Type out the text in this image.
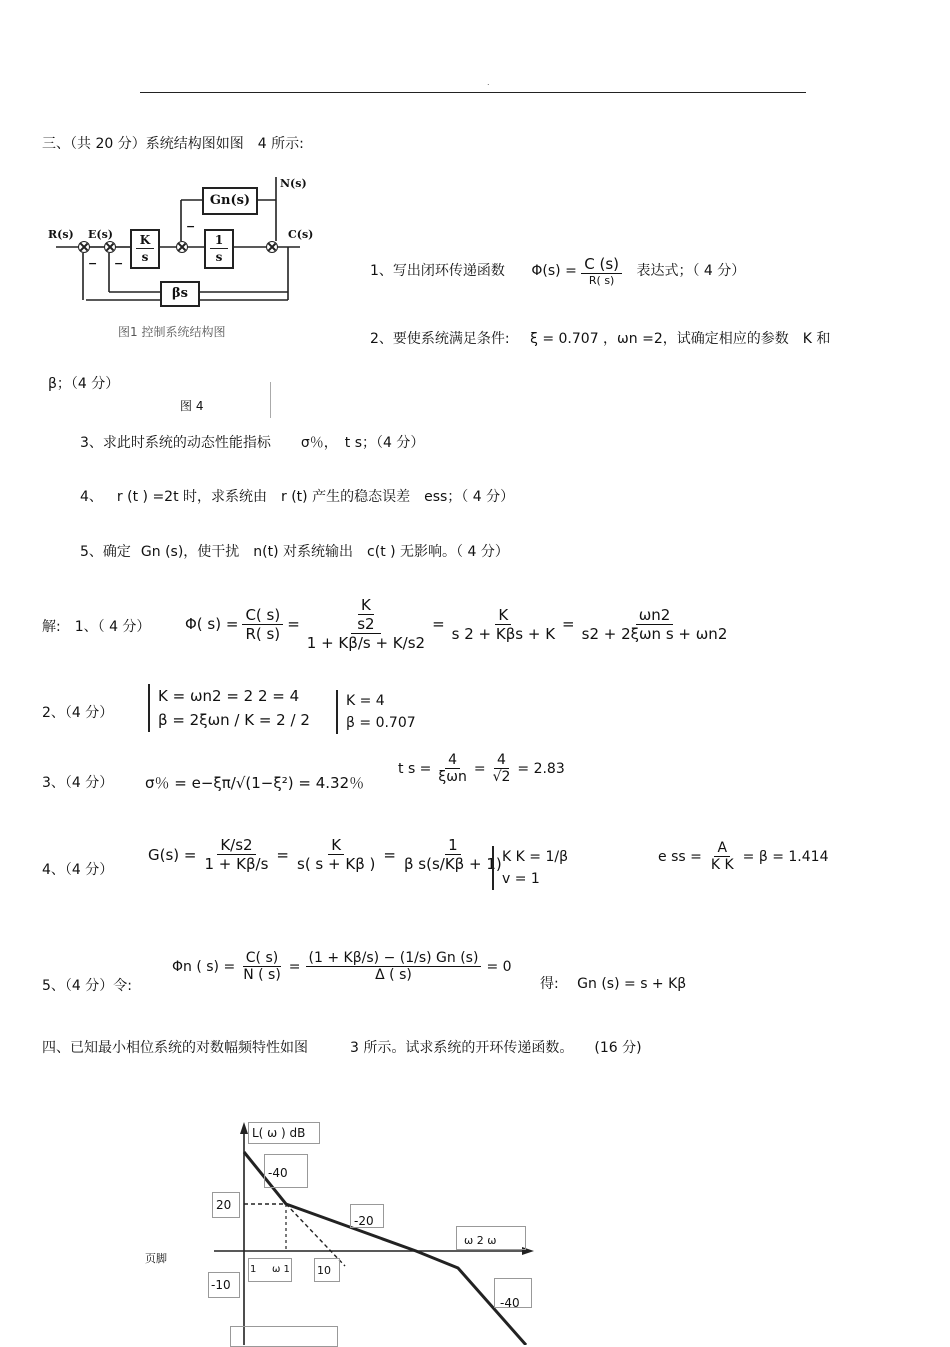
.
三、（共 20 分）系统结构图如图　4 所示:
K
s
1
s
Gn(s)
βs
R(s) E(s)
N(s)
C(s)
− −
−
图1 控制系统结构图
1、写出闭环传递函数 $\Phi(s) = \frac{C (s)}{R( s)}$ 表达式；（ 4 分）
2、要使系统满足条件: ξ = 0.707 ，ωn =2，试确定相应的参数　K 和
β；（4 分）
图 4
3、求此时系统的动态性能指标 σ％，　t s；（4 分）
4、 r (t ) =2t 时，求系统由　r (t) 产生的稳态误差　ess；（ 4 分）
5、确定 Gn (s)，使干扰　n(t) 对系统输出　c(t ) 无影响。（ 4 分）
解:　1、（ 4 分） Φ( $s) = \frac{C( s)}{R( s)} = \frac{\frac{K}{s2}}{1 + K\beta/s + K/s2} = \frac{K}{\text{s 2 + Kβs + K}} = \frac{\omega n2}{\text{s2 + 2ξωn s + ωn2}}$
2、（4 分）
K = ωn2 = 2 2 = 4
β = 2ξωn / K = 2 / 2
K = 4
β = 0.707
3、（4 分） σ％ = e−ξπ/√(1−ξ²) = 4.32％
t $s = \frac{4}{\text{ξωn}} = \frac{4}{√2} = 2.83$
4、（4 分）
$G(s) = \frac{K/s2}{1 + K\beta/s} = \frac{K}{s( s + K\beta )} = \frac{1}{\text{β s(s/Kβ + 1)}}$
K K = 1/β
v = 1
e ss = $\frac{A}{\text{K K}} = \beta = 1.414$
5、（4 分）令:
Φn ( $s) = \frac{C( s)}{N ( s)} = \frac{(1 + K\beta/s) - (1/s) Gn (s)}{\Delta ( s)} = 0$
得: Gn (s) = s + Kβ
四、已知最小相位系统的对数幅频特性如图　　　3 所示。试求系统的开环传递函数。　　(16 分)
页脚
L( ω ) dB
-40
-20
-40
20
-10
1 ω 1 10
ω 2 ω
